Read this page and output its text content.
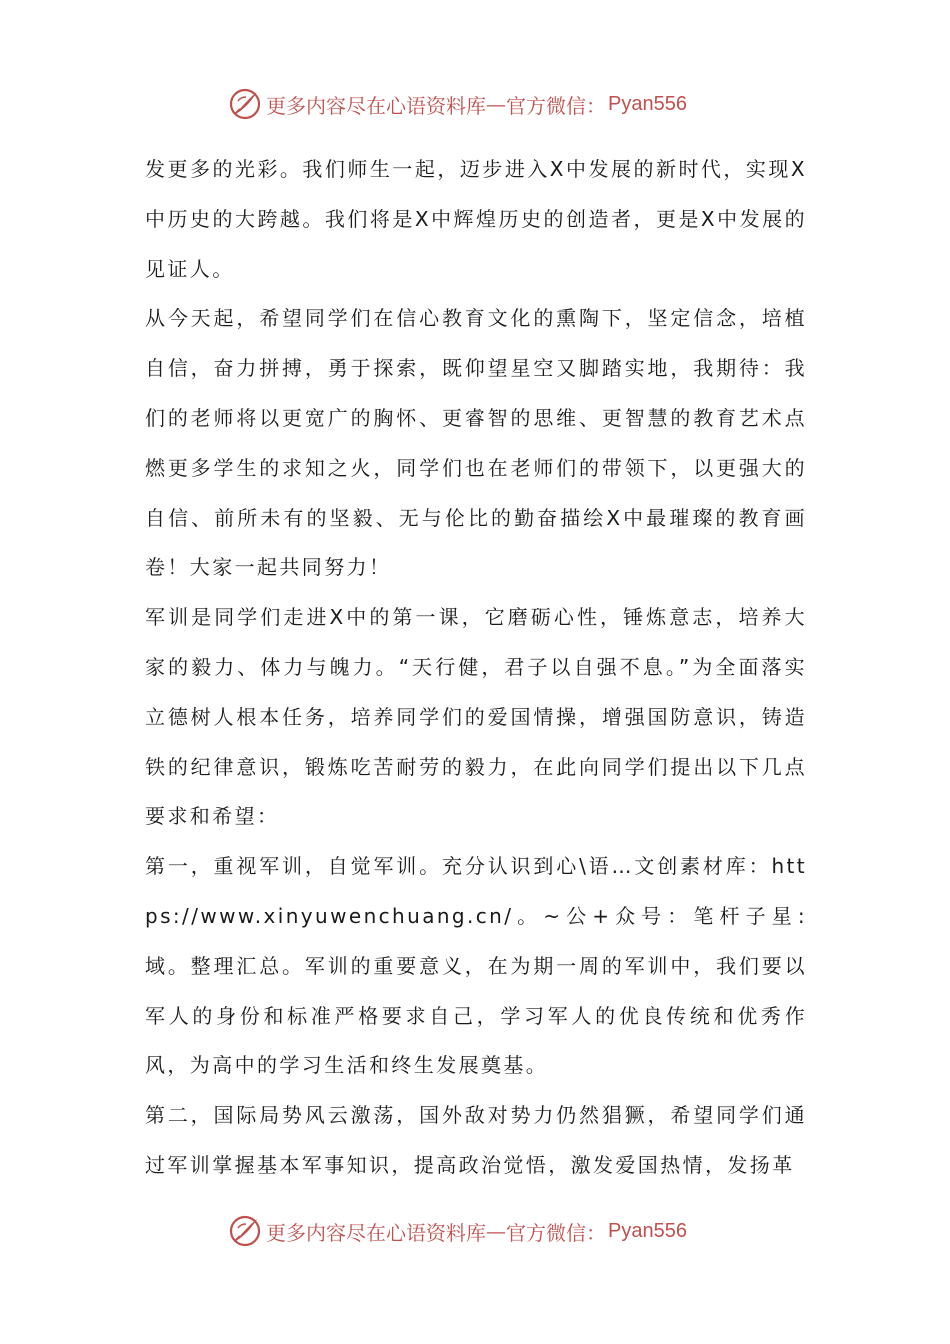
更多内容尽在心语资料库 — 官方微信： Pyan556

发更多的光彩。我们师生一起，迈步进入X中发展的新时代，实现X中历史的大跨越。我们将是X中辉煌历史的创造者，更是X中发展的见证人。

从今天起，希望同学们在信心教育文化的熏陶下，坚定信念，培植自信，奋力拼搏，勇于探索，既仰望星空又脚踏实地，我期待：我们的老师将以更宽广的胸怀、更睿智的思维、更智慧的教育艺术点燃更多学生的求知之火，同学们也在老师们的带领下，以更强大的自信、前所未有的坚毅、无与伦比的勤奋描绘X中最璀璨的教育画卷！大家一起共同努力！

军训是同学们走进X中的第一课，它磨砺心性，锤炼意志，培养大家的毅力、体力与魄力。“天行健，君子以自强不息。”为全面落实立德树人根本任务，培养同学们的爱国情操，增强国防意识，铸造铁的纪律意识，锻炼吃苦耐劳的毅力，在此向同学们提出以下几点要求和希望：

第一，重视军训，自觉军训。充分认识到心\语…文创素材库：https://www.xinyuwenchuang.cn/。~公+众号：笔杆子星:域。整理汇总。军训的重要意义，在为期一周的军训中，我们要以军人的身份和标准严格要求自己，学习军人的优良传统和优秀作风，为高中的学习生活和终生发展奠基。

第二，国际局势风云激荡，国外敌对势力仍然猖獗，希望同学们通过军训掌握基本军事知识，提高政治觉悟，激发爱国热情，发扬革

更多内容尽在心语资料库 — 官方微信： Pyan556
